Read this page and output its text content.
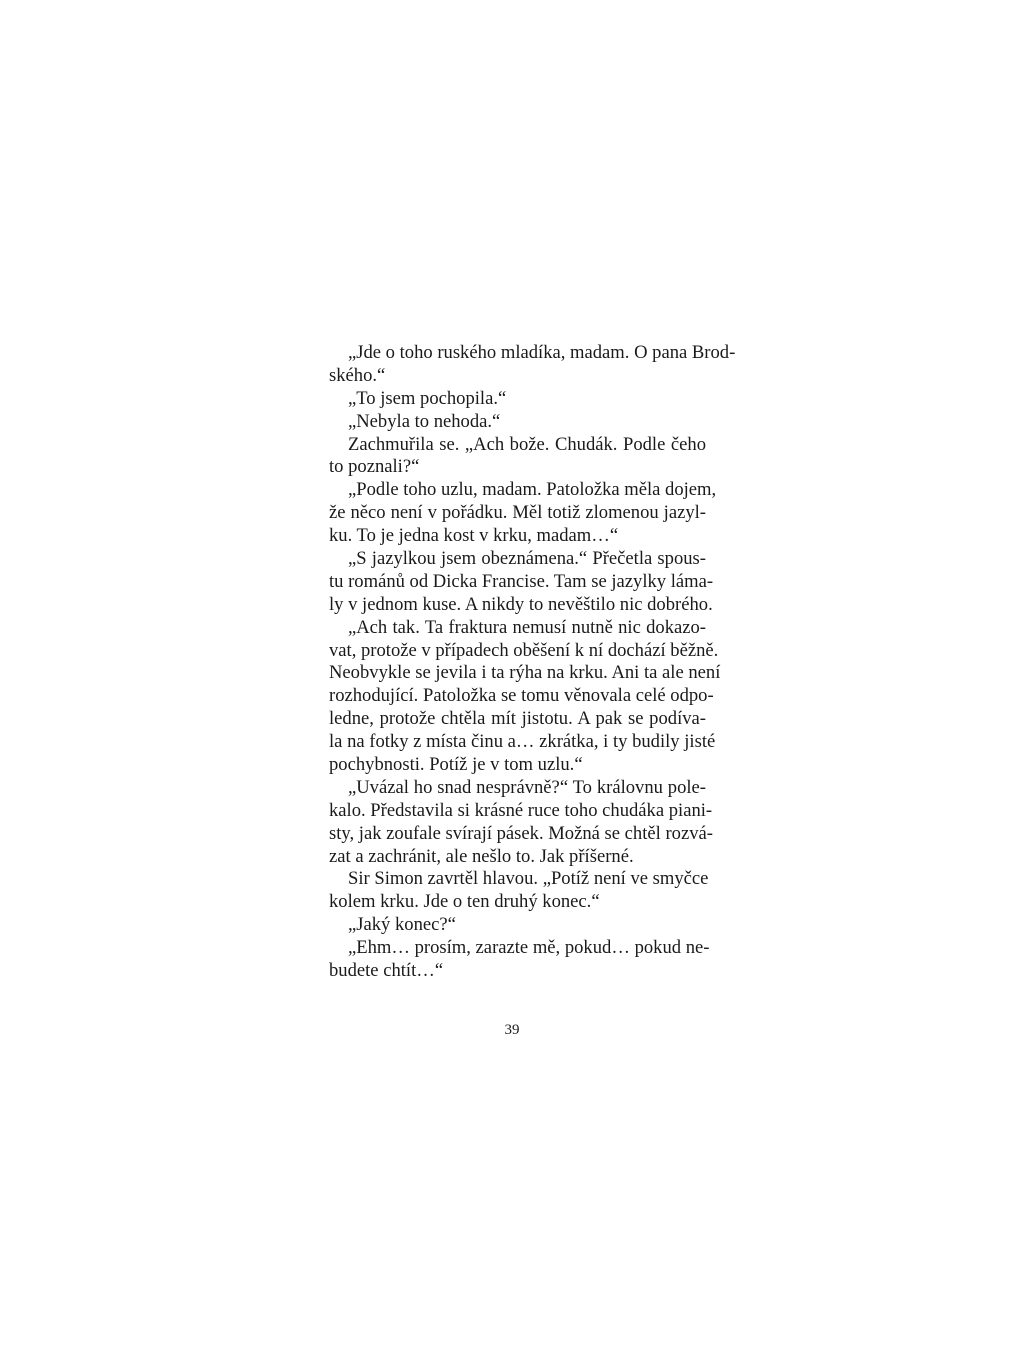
„Jde o toho ruského mladíka, madam. O pana Brod-
ského.“
„To jsem pochopila.“
„Nebyla to nehoda.“
Zachmuřila se. „Ach bože. Chudák. Podle čeho
to poznali?“
„Podle toho uzlu, madam. Patoložka měla dojem,
že něco není v pořádku. Měl totiž zlomenou jazyl-
ku. To je jedna kost v krku, madam…“
„S jazylkou jsem obeznámena.“ Přečetla spous-
tu románů od Dicka Francise. Tam se jazylky láma-
ly v jednom kuse. A nikdy to nevěštilo nic dobrého.
„Ach tak. Ta fraktura nemusí nutně nic dokazo-
vat, protože v případech oběšení k ní dochází běžně.
Neobvykle se jevila i ta rýha na krku. Ani ta ale není
rozhodující. Patoložka se tomu věnovala celé odpo-
ledne, protože chtěla mít jistotu. A pak se podíva-
la na fotky z místa činu a… zkrátka, i ty budily jisté
pochybnosti. Potíž je v tom uzlu.“
„Uvázal ho snad nesprávně?“ To královnu pole-
kalo. Představila si krásné ruce toho chudáka piani-
sty, jak zoufale svírají pásek. Možná se chtěl rozvá-
zat a zachránit, ale nešlo to. Jak příšerné.
Sir Simon zavrtěl hlavou. „Potíž není ve smyčce
kolem krku. Jde o ten druhý konec.“
„Jaký konec?“
„Ehm… prosím, zarazte mě, pokud… pokud ne-
budete chtít…“
39
